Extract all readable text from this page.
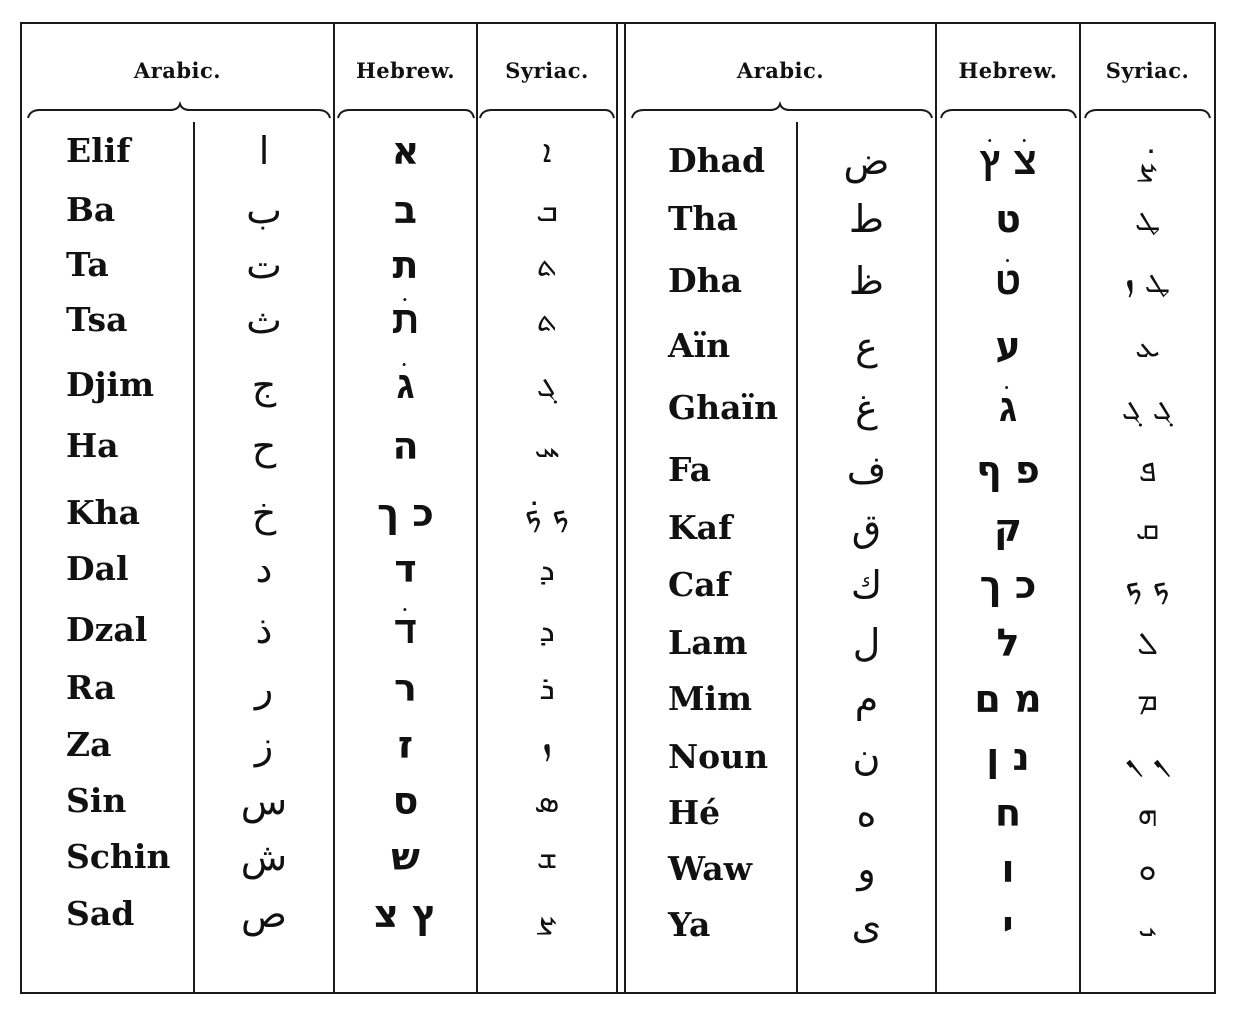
Arabic.	Hebrew.	Syriac.	Arabic.	Hebrew.	Syriac.
Elif	ا	א	ܐ
Ba	ب	ב	ܒ
Ta	ت	ת	ܬ
Tsa	ث	תׄ	ܬ
Djim	ج	גׄ	ܓ
Ha	ح	ה	ܚ
Kha	خ	כ ך	ܟ ܟ̇
Dal	د	ד	ܕ
Dzal	ذ	דׄ	ܕ
Ra	ر	ר	ܪ
Za	ز	ז	ܙ
Sin	س	ס	ܣ
Schin	ش	ש	ܫ
Sad	ص	ץ צ	ܨ
Dhad	ض	צׄ ץׄ	ܨ̇
Tha	ط	ט	ܛ
Dha	ظ	טׄ	ܛ ܙ
Aïn	ع	ע	ܥ
Ghaïn	غ	גׄ	ܓ ܓ
Fa	ف	פ ף	ܦ
Kaf	ق	ק	ܩ
Caf	ك	כ ך	ܟ ܟ
Lam	ل	ל	ܠ
Mim	م	מ ם	ܡ
Noun	ن	נ ן	ܢ ܢ
Hé	ه	ח	ܗ
Waw	و	ו	ܘ
Ya	ى	י	ܝ
